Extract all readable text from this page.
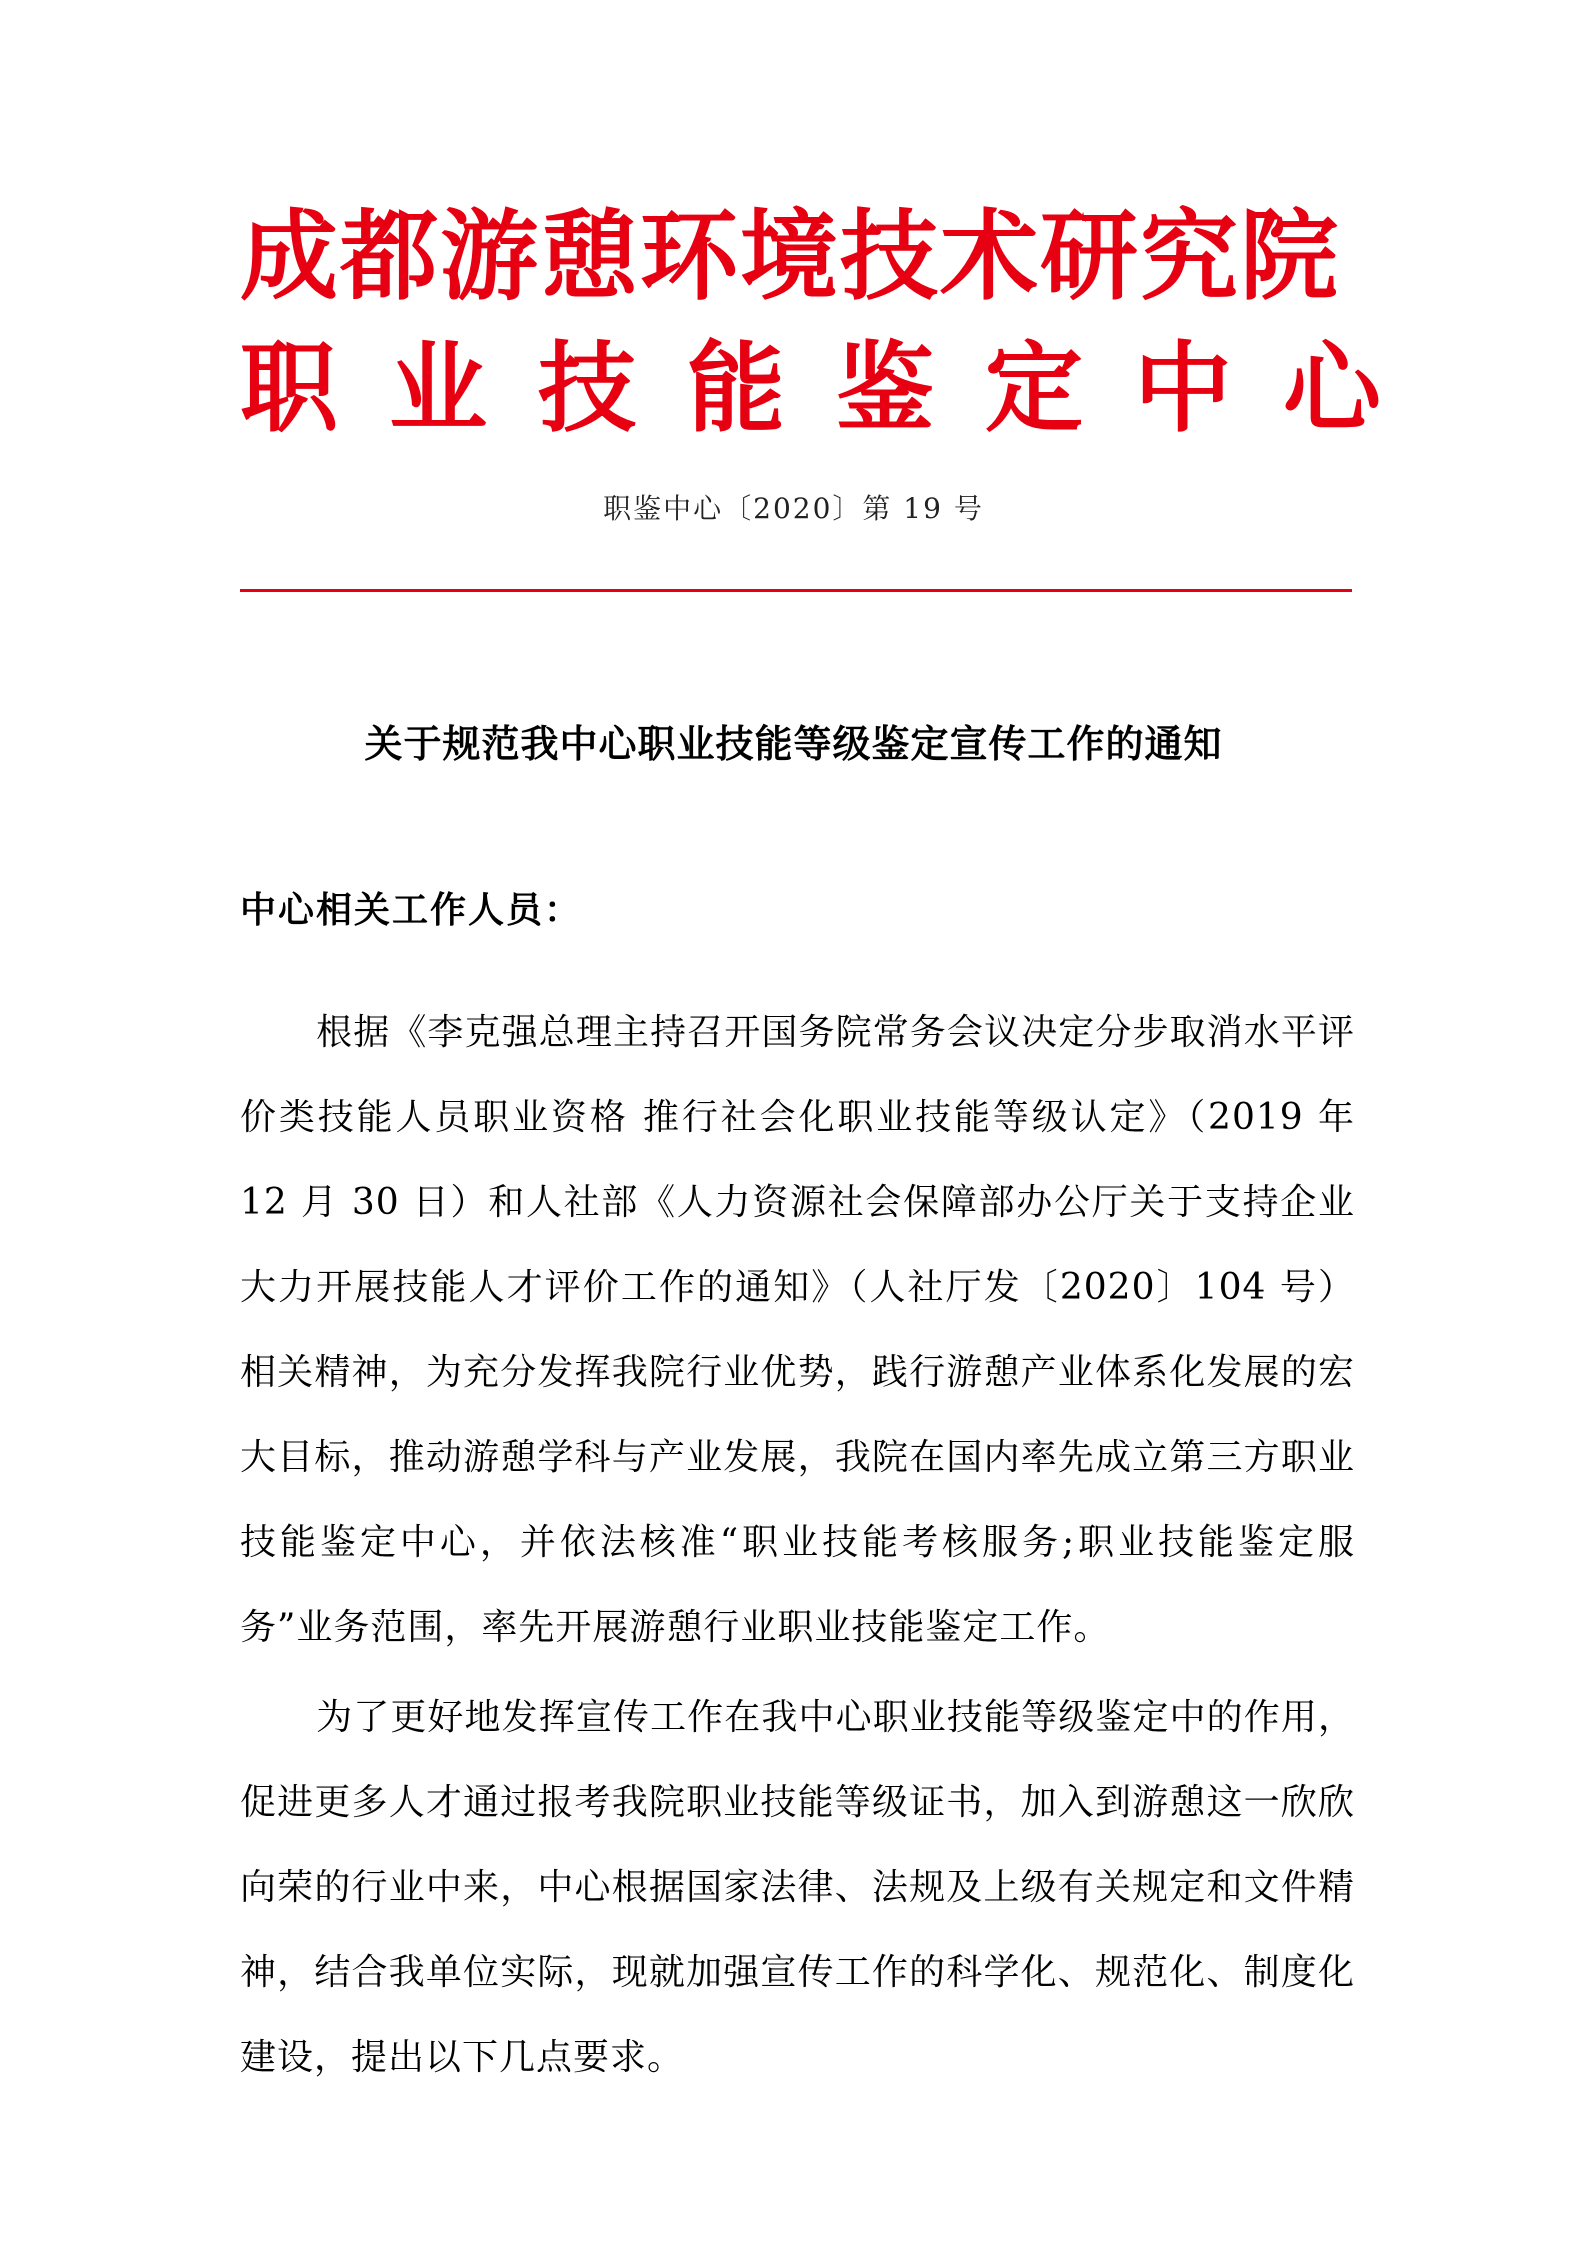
成都游憩环境技术研究院
职业技能鉴定中心
职鉴中心〔2020〕第 19 号
关于规范我中心职业技能等级鉴定宣传工作的通知
中心相关工作人员：
根据《李克强总理主持召开国务院常务会议决定分步取消水平评价类技能人员职业资格 推行社会化职业技能等级认定》（2019 年 12 月 30 日）和人社部《人力资源社会保障部办公厅关于支持企业大力开展技能人才评价工作的通知》（人社厅发〔2020〕104 号）相关精神，为充分发挥我院行业优势，践行游憩产业体系化发展的宏大目标，推动游憩学科与产业发展，我院在国内率先成立第三方职业技能鉴定中心，并依法核准“职业技能考核服务;职业技能鉴定服务”业务范围，率先开展游憩行业职业技能鉴定工作。
为了更好地发挥宣传工作在我中心职业技能等级鉴定中的作用，促进更多人才通过报考我院职业技能等级证书，加入到游憩这一欣欣向荣的行业中来，中心根据国家法律、法规及上级有关规定和文件精神，结合我单位实际，现就加强宣传工作的科学化、规范化、制度化建设，提出以下几点要求。
